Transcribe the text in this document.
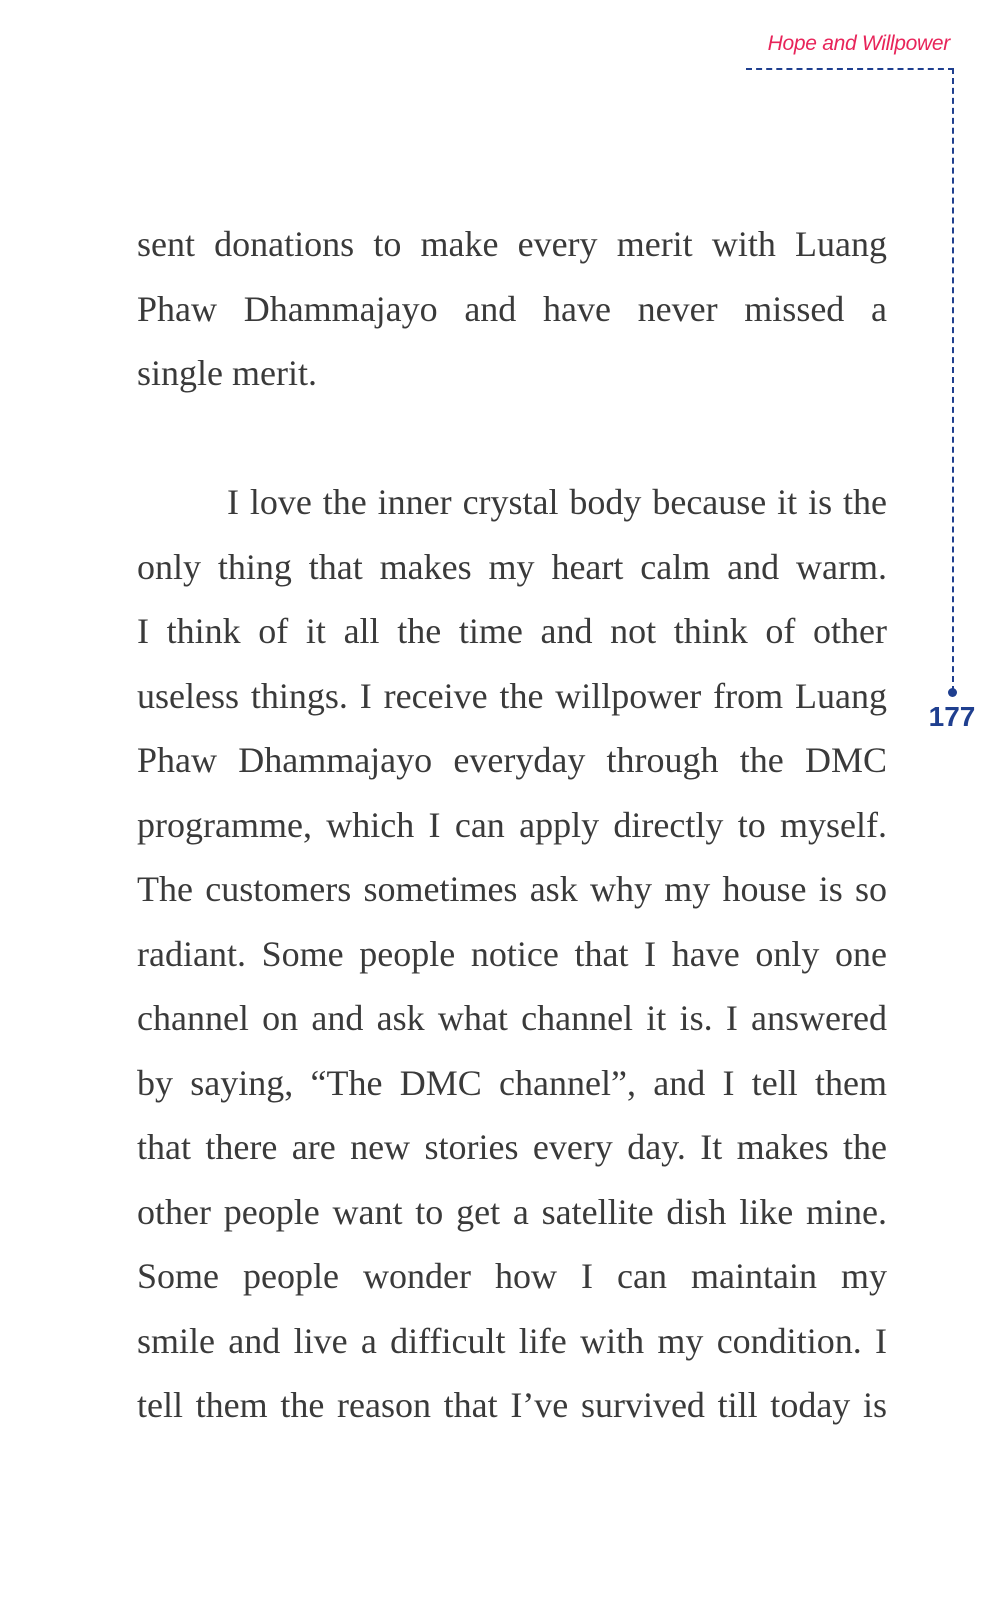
Hope and Willpower
177
sent donations to make every merit with Luang
Phaw Dhammajayo and have never missed a
single merit.
I love the inner crystal body because it is the
only thing that makes my heart calm and warm.
I think of it all the time and not think of other
useless things. I receive the willpower from Luang
Phaw Dhammajayo everyday through the DMC
programme, which I can apply directly to myself.
The customers sometimes ask why my house is so
radiant. Some people notice that I have only one
channel on and ask what channel it is. I answered
by saying, “The DMC channel”, and I tell them
that there are new stories every day. It makes the
other people want to get a satellite dish like mine.
Some people wonder how I can maintain my
smile and live a difficult life with my condition. I
tell them the reason that I’ve survived till today is
